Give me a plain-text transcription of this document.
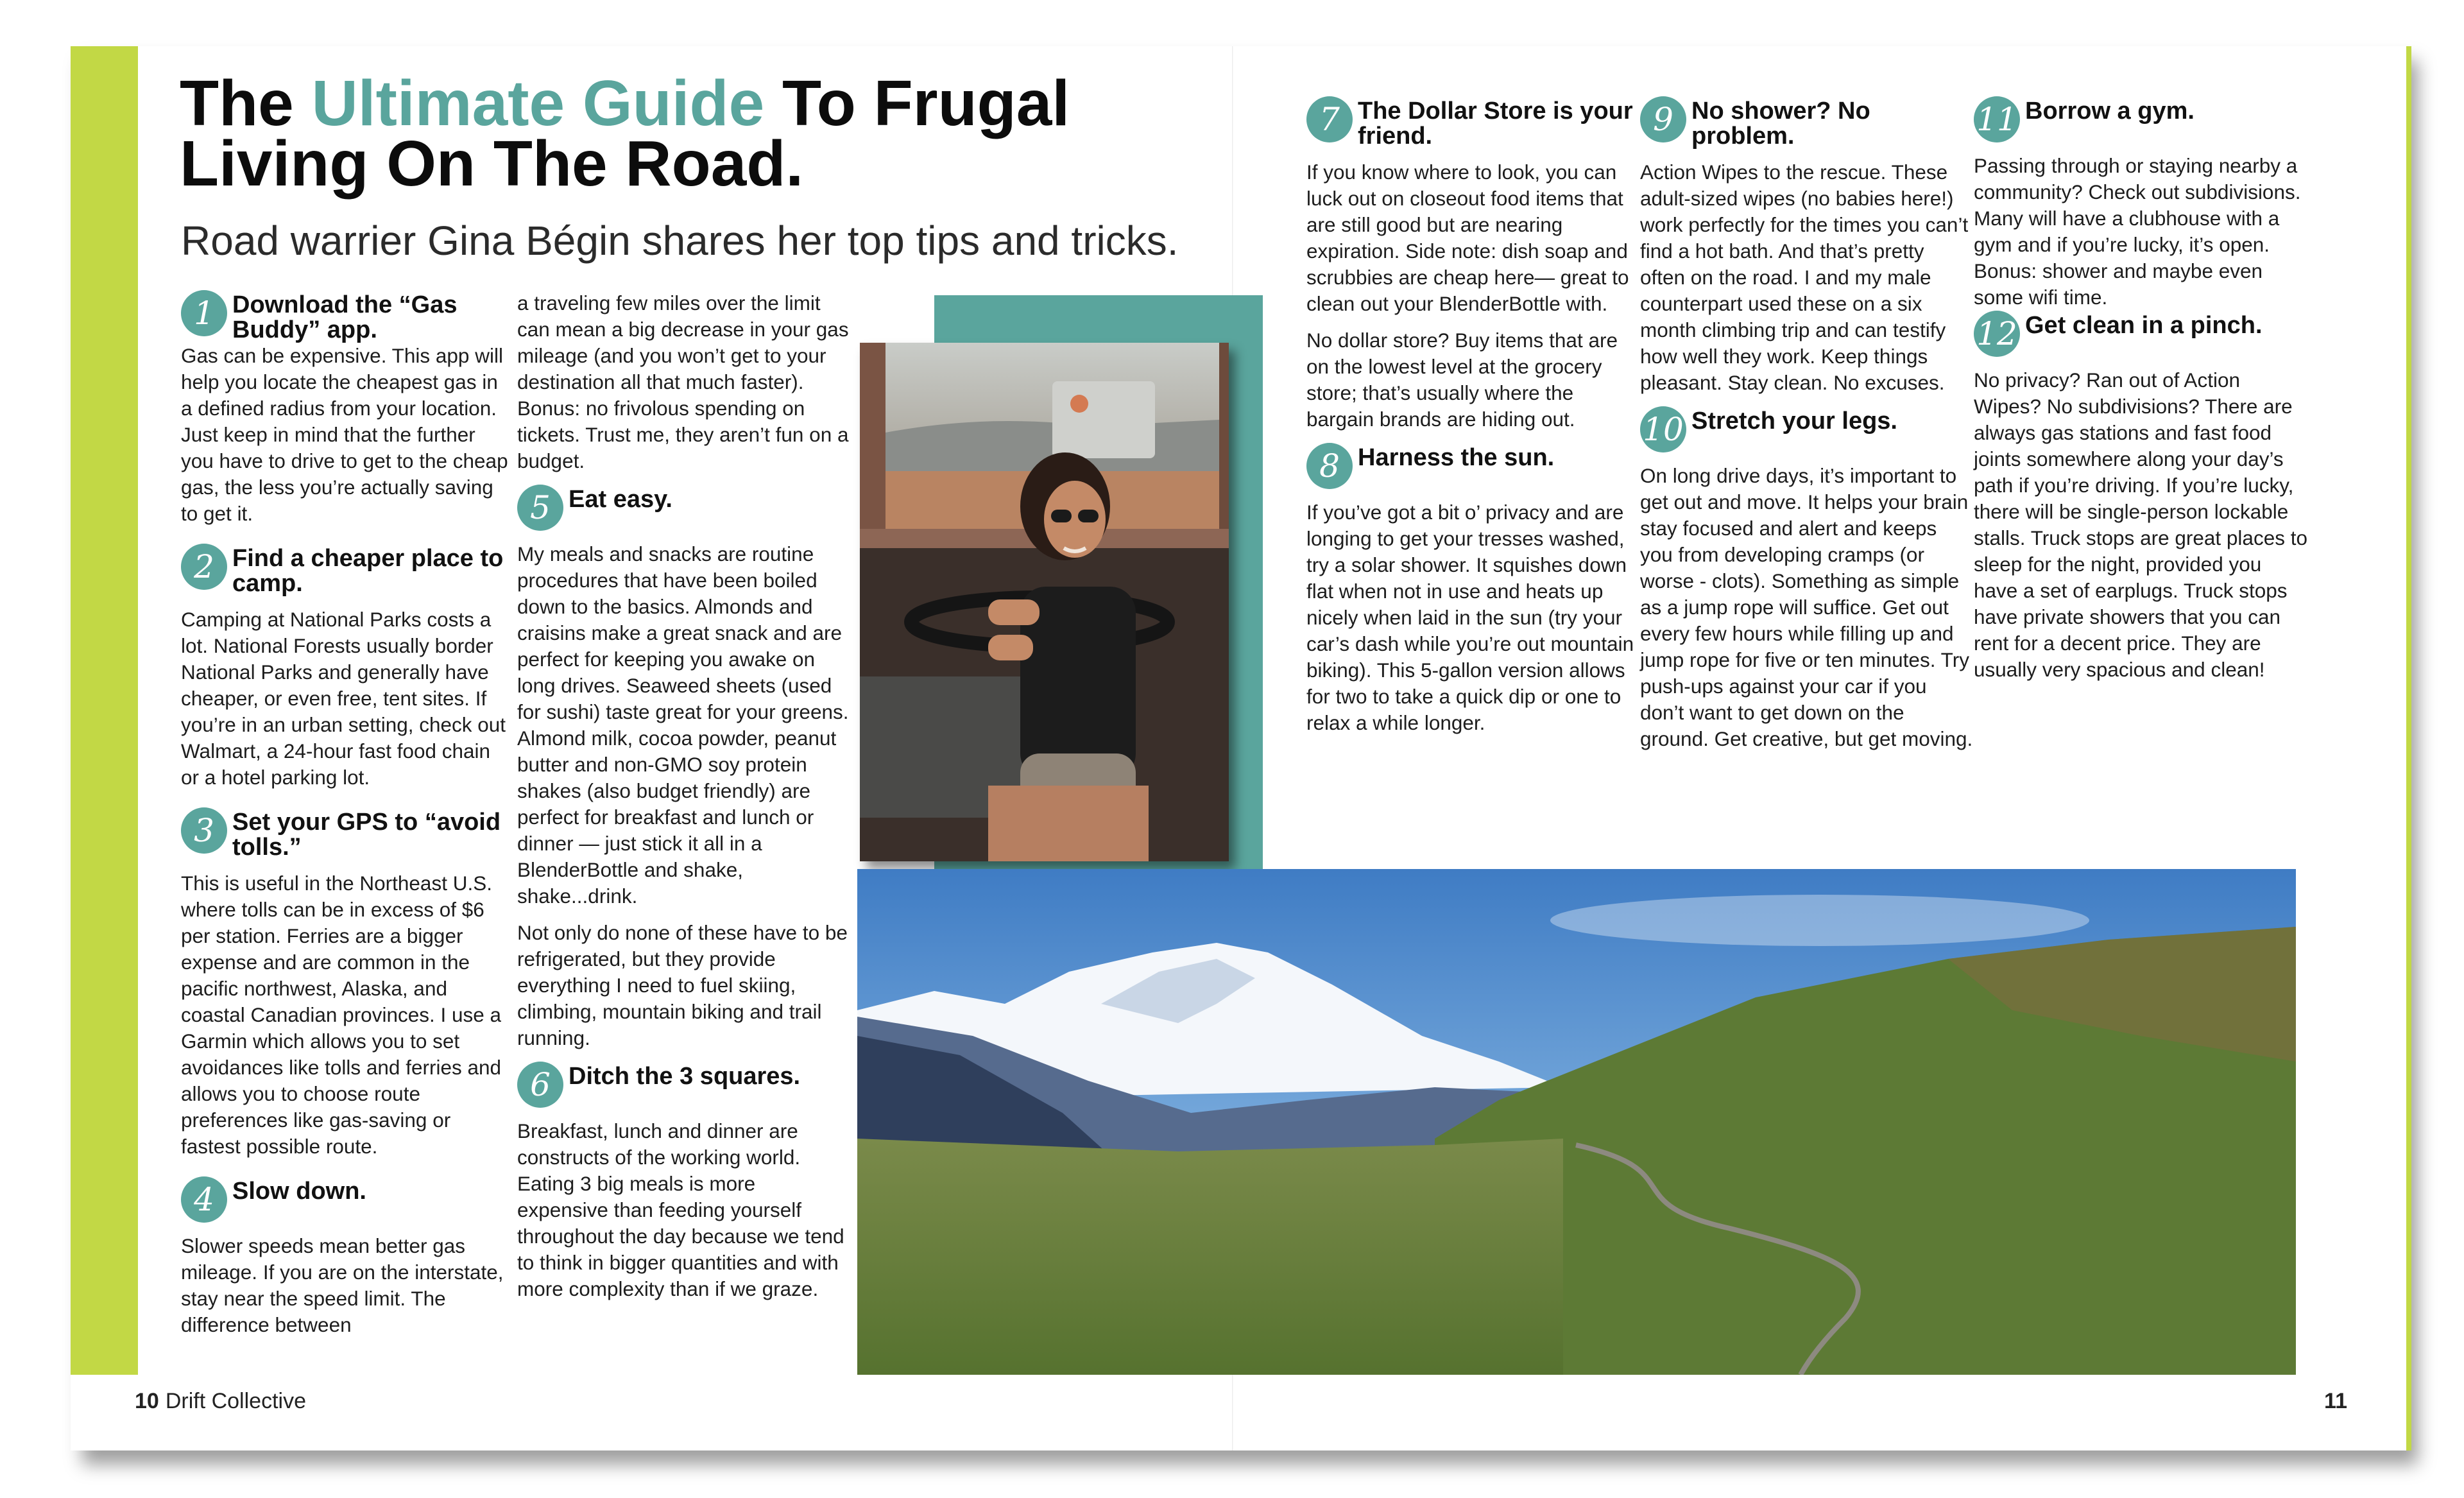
The Ultimate Guide To Frugal Living On The Road.
Road warrier Gina Bégin shares her top tips and tricks.
1 Download the “Gas Buddy” app.

Gas can be expensive. This app will help you locate the cheapest gas in a defined radius from your location. Just keep in mind that the further you have to drive to get to the cheap gas, the less you’re actually saving to get it.

2 Find a cheaper place to camp.

Camping at National Parks costs a lot. National Forests usually border National Parks and generally have cheaper, or even free, tent sites. If you’re in an urban setting, check out Walmart, a 24-hour fast food chain or a hotel parking lot.

3 Set your GPS to “avoid tolls.”

This is useful in the Northeast U.S. where tolls can be in excess of $6 per station. Ferries are a bigger expense and are common in the pacific northwest, Alaska, and coastal Canadian provinces. I use a Garmin which allows you to set avoidances like tolls and ferries and allows you to choose route preferences like gas-saving or fastest possible route.

4 Slow down.

Slower speeds mean better gas mileage. If you are on the interstate, stay near the speed limit. The difference between

a traveling few miles over the limit can mean a big decrease in your gas mileage (and you won’t get to your destination all that much faster). Bonus: no frivolous spending on tickets. Trust me, they aren’t fun on a budget.

5 Eat easy.

My meals and snacks are routine procedures that have been boiled down to the basics. Almonds and craisins make a great snack and are perfect for keeping you awake on long drives. Seaweed sheets (used for sushi) taste great for your greens. Almond milk, cocoa powder, peanut butter and non-GMO soy protein shakes (also budget friendly) are perfect for breakfast and lunch or dinner — just stick it all in a BlenderBottle and shake, shake...drink.

Not only do none of these have to be refrigerated, but they provide everything I need to fuel skiing, climbing, mountain biking and trail running.

6 Ditch the 3 squares.

Breakfast, lunch and dinner are constructs of the working world. Eating 3 big meals is more expensive than feeding yourself throughout the day because we tend to think in bigger quantities and with more complexity than if we graze.

7 The Dollar Store is your friend.

If you know where to look, you can luck out on closeout food items that are still good but are nearing expiration. Side note: dish soap and scrubbies are cheap here— great to clean out your BlenderBottle with.

No dollar store? Buy items that are on the lowest level at the grocery store; that’s usually where the bargain brands are hiding out.

8 Harness the sun.

If you’ve got a bit o’ privacy and are longing to get your tresses washed, try a solar shower. It squishes down flat when not in use and heats up nicely when laid in the sun (try your car’s dash while you’re out mountain biking). This 5-gallon version allows for two to take a quick dip or one to relax a while longer.

9 No shower? No problem.

Action Wipes to the rescue. These adult-sized wipes (no babies here!) work perfectly for the times you can’t find a hot bath. And that’s pretty often on the road. I and my male counterpart used these on a six month climbing trip and can testify how well they work. Keep things pleasant. Stay clean. No excuses.

10 Stretch your legs.

On long drive days, it’s important to get out and move. It helps your brain stay focused and alert and keeps you from developing cramps (or worse - clots). Something as simple as a jump rope will suffice. Get out every few hours while filling up and jump rope for five or ten minutes. Try push-ups against your car if you don’t want to get down on the ground. Get creative, but get moving.

11 Borrow a gym.

Passing through or staying nearby a community? Check out subdivisions. Many will have a clubhouse with a gym and if you’re lucky, it’s open. Bonus: shower and maybe even some wifi time.

12 Get clean in a pinch.

No privacy? Ran out of Action Wipes? No subdivisions? There are always gas stations and fast food joints somewhere along your day’s path if you’re driving. If you’re lucky, there will be single-person lockable stalls. Truck stops are great places to sleep for the night, provided you have a set of earplugs. Truck stops have private showers that you can rent for a decent price. They are usually very spacious and clean!

10 Drift Collective	11
